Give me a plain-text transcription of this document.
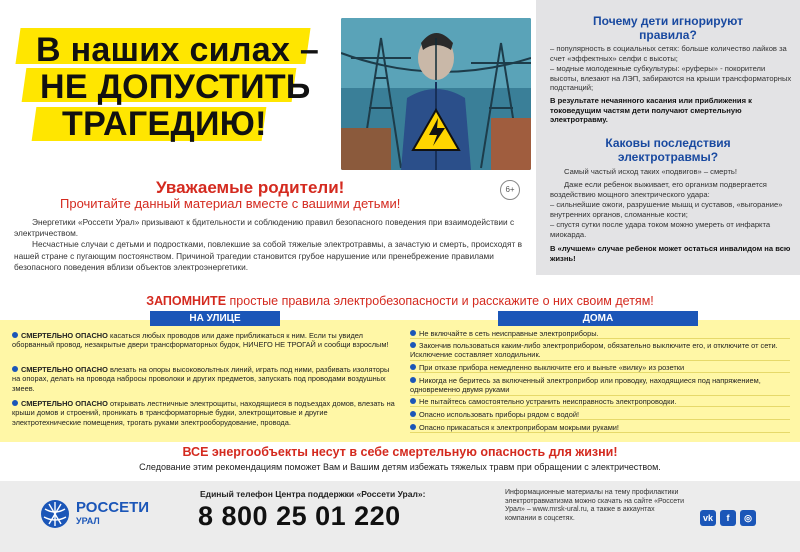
В наших силах –
НЕ ДОПУСТИТЬ
ТРАГЕДИЮ!
Почему дети игнорируют правила?
– популярность в социальных сетях: больше количество лайков за счет «эффектных» селфи с высоты;
– модные молодежные субкультуры: «руферы» - покорители высоты, влезают на ЛЭП, забираются на крыши трансформаторных подстанций;
В результате нечаянного касания или приближения к токоведущим частям дети получают смертельную электротравму.
Каковы последствия электротравмы?
Самый частый исход таких «подвигов» – смерть!
Даже если ребенок выживает, его организм подвергается воздействию мощного электрического удара:
– сильнейшие ожоги, разрушение мышц и суставов, «выгорание» внутренних органов, сломанные кости;
– спустя сутки после удара током можно умереть от инфаркта миокарда.
В «лучшем» случае ребенок может остаться инвалидом на всю жизнь!
Уважаемые родители!
Прочитайте данный материал вместе с вашими детьми!
6+

Энергетики «Россети Урал» призывают к бдительности и соблюдению правил безопасного поведения при взаимодействии с электричеством.

Несчастные случаи с детьми и подростками, повлекшие за собой тяжелые электротравмы, а зачастую и смерть, происходят в нашей стране с пугающим постоянством. Причиной трагедии становится грубое нарушение или пренебрежение правилами безопасного поведения вблизи объектов электроэнергетики.

ЗАПОМНИТЕ простые правила электробезопасности и расскажите о них своим детям!
НА УЛИЦЕ	ДОМА
СМЕРТЕЛЬНО ОПАСНО касаться любых проводов или даже приближаться к ним. Если ты увидел оборванный провод, незакрытые двери трансформаторных будок, НИЧЕГО НЕ ТРОГАЙ и сообщи взрослым!
СМЕРТЕЛЬНО ОПАСНО влезать на опоры высоковольтных линий, играть под ними, разбивать изоляторы на опорах, делать на провода набросы проволоки и других предметов, запускать под проводами воздушных змеев.
СМЕРТЕЛЬНО ОПАСНО открывать лестничные электрощиты, находящиеся в подъездах домов, влезать на крыши домов и строений, проникать в трансформаторные будки, электрощитовые и другие электротехнические помещения, трогать руками электрооборудование, провода.
Не включайте в сеть неисправные электроприборы.
Закончив пользоваться каким-либо электроприбором, обязательно выключите его, и отключите от сети. Исключение составляет холодильник.
При отказе прибора немедленно выключите его и выньте «вилку» из розетки
Никогда не беритесь за включенный электроприбор или проводку, находящиеся под напряжением, одновременно двумя руками
Не пытайтесь самостоятельно устранить неисправность электропроводки.
Опасно использовать приборы рядом с водой!
Опасно прикасаться к электроприборам мокрыми руками!
ВСЕ энергообъекты несут в себе смертельную опасность для жизни!
Следование этим рекомендациям поможет Вам и Вашим детям избежать тяжелых травм при обращении с электричеством.
РОССЕТИ
УРАЛ
Единый телефон Центра поддержки «Россети Урал»:
8 800 25 01 220
Информационные материалы на тему профилактики электротравматизма можно скачать на сайте «Россети Урал» – www.mrsk-ural.ru, а также в аккаунтах компании в соцсетях.	vk	f	◎
